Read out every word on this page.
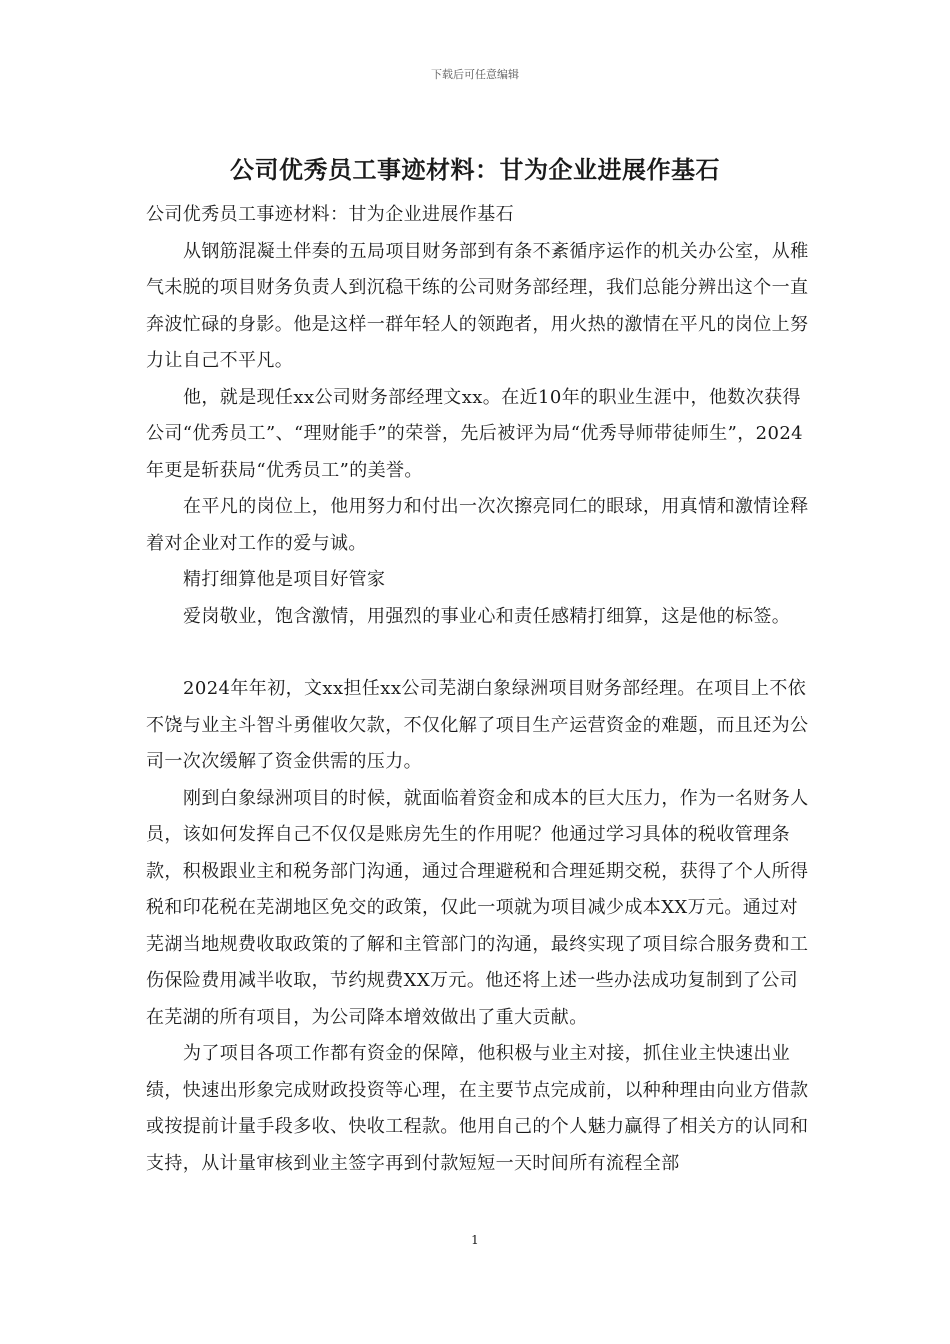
下载后可任意编辑
公司优秀员工事迹材料：甘为企业进展作基石

公司优秀员工事迹材料：甘为企业进展作基石

从钢筋混凝土伴奏的五局项目财务部到有条不紊循序运作的机关办公室，从稚气未脱的项目财务负责人到沉稳干练的公司财务部经理，我们总能分辨出这个一直奔波忙碌的身影。他是这样一群年轻人的领跑者，用火热的激情在平凡的岗位上努力让自己不平凡。

他，就是现任xx公司财务部经理文xx。在近10年的职业生涯中，他数次获得公司“优秀员工”、“理财能手”的荣誉，先后被评为局“优秀导师带徒师生”，2024年更是斩获局“优秀员工”的美誉。

在平凡的岗位上，他用努力和付出一次次擦亮同仁的眼球，用真情和激情诠释着对企业对工作的爱与诚。

精打细算他是项目好管家

爱岗敬业，饱含激情，用强烈的事业心和责任感精打细算，这是他的标签。

2024年年初，文xx担任xx公司芜湖白象绿洲项目财务部经理。在项目上不依不饶与业主斗智斗勇催收欠款，不仅化解了项目生产运营资金的难题，而且还为公司一次次缓解了资金供需的压力。

刚到白象绿洲项目的时候，就面临着资金和成本的巨大压力，作为一名财务人员，该如何发挥自己不仅仅是账房先生的作用呢？他通过学习具体的税收管理条款，积极跟业主和税务部门沟通，通过合理避税和合理延期交税，获得了个人所得税和印花税在芜湖地区免交的政策，仅此一项就为项目减少成本XX万元。通过对芜湖当地规费收取政策的了解和主管部门的沟通，最终实现了项目综合服务费和工伤保险费用减半收取，节约规费XX万元。他还将上述一些办法成功复制到了公司在芜湖的所有项目，为公司降本增效做出了重大贡献。

为了项目各项工作都有资金的保障，他积极与业主对接，抓住业主快速出业绩，快速出形象完成财政投资等心理，在主要节点完成前，以种种理由向业方借款或按提前计量手段多收、快收工程款。他用自己的个人魅力赢得了相关方的认同和支持，从计量审核到业主签字再到付款短短一天时间所有流程全部

1
